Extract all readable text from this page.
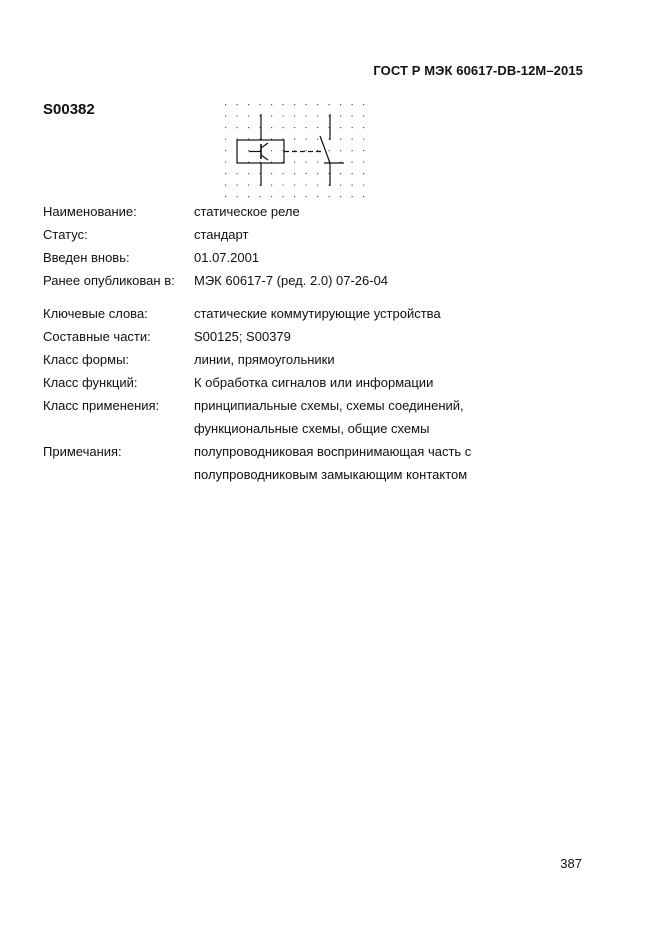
ГОСТ Р МЭК 60617-DB-12M–2015
S00382
Наименование:	статическое реле
Статус:	стандарт
Введен вновь:	01.07.2001
Ранее опубликован в: МЭК 60617-7 (ред. 2.0) 07-26-04
Ключевые слова:	статические коммутирующие устройства
Составные части:	S00125; S00379
Класс формы:	линии, прямоугольники
Класс функций:	К обработка сигналов или информации
Класс применения:	принципиальные схемы, схемы соединений,
функциональные схемы, общие схемы
Примечания:	полупроводниковая воспринимающая часть с
полупроводниковым замыкающим контактом
387
